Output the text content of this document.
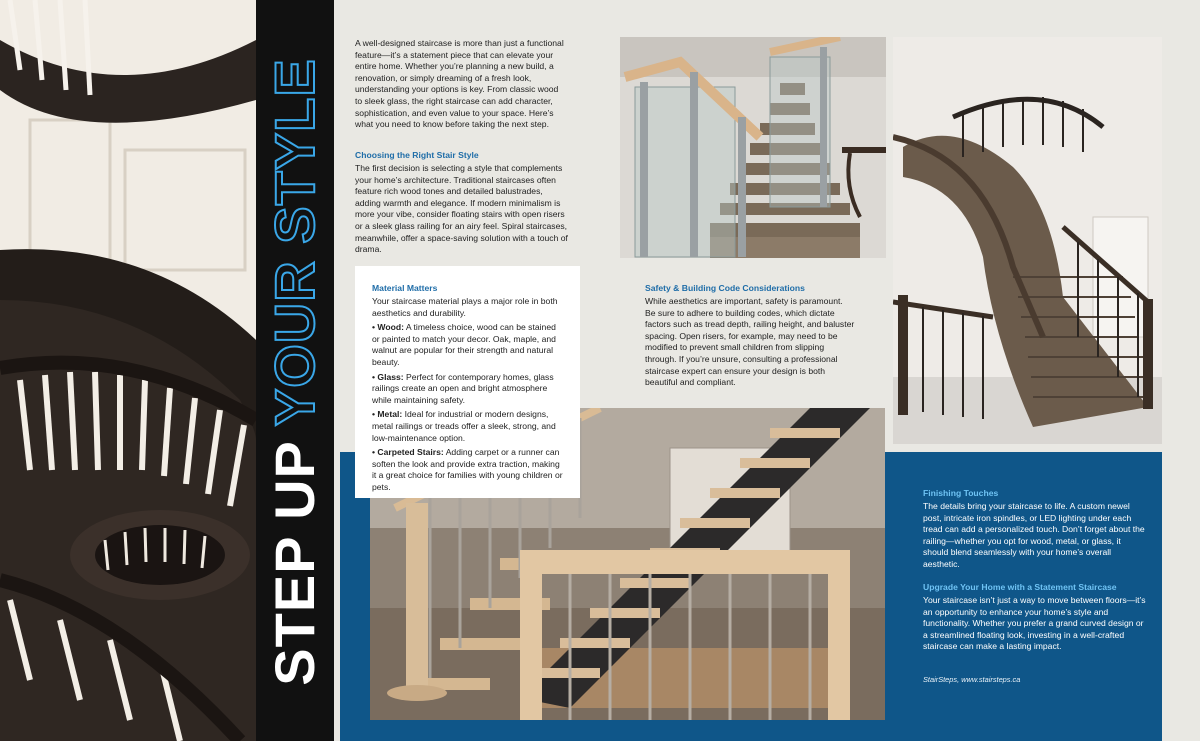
STEP UPYOUR STYLE

A well-designed staircase is more than just a functional feature—it’s a statement piece that can elevate your entire home. Whether you’re planning a new build, a renovation, or simply dreaming of a fresh look, understanding your options is key. From classic wood to sleek glass, the right staircase can add character, sophistication, and even value to your space. Here’s what you need to know before taking the next step.

Choosing the Right Stair Style

The first decision is selecting a style that complements your home’s architecture. Traditional staircases often feature rich wood tones and detailed balustrades, adding warmth and elegance. If modern minimalism is more your vibe, consider floating stairs with open risers or a sleek glass railing for an airy feel. Spiral staircases, meanwhile, offer a space-saving solution with a touch of drama.

Material Matters

Your staircase material plays a major role in both aesthetics and durability.

• Wood: A timeless choice, wood can be stained or painted to match your decor. Oak, maple, and walnut are popular for their strength and natural beauty.

• Glass: Perfect for contemporary homes, glass railings create an open and bright atmosphere while maintaining safety.

• Metal: Ideal for industrial or modern designs, metal railings or treads offer a sleek, strong, and low-maintenance option.

• Carpeted Stairs: Adding carpet or a runner can soften the look and provide extra traction, making it a great choice for families with young children or pets.

Safety & Building Code Considerations

While aesthetics are important, safety is paramount. Be sure to adhere to building codes, which dictate factors such as tread depth, railing height, and baluster spacing. Open risers, for example, may need to be modified to prevent small children from slipping through. If you’re unsure, consulting a professional staircase expert can ensure your design is both beautiful and compliant.

Finishing Touches

The details bring your staircase to life. A custom newel post, intricate iron spindles, or LED lighting under each tread can add a personalized touch. Don’t forget about the railing—whether you opt for wood, metal, or glass, it should blend seamlessly with your home’s overall aesthetic.

Upgrade Your Home with a Statement Staircase

Your staircase isn’t just a way to move between floors—it’s an opportunity to enhance your home’s style and functionality. Whether you prefer a grand curved design or a streamlined floating look, investing in a well-crafted staircase can make a lasting impact.

StairSteps, www.stairsteps.ca
